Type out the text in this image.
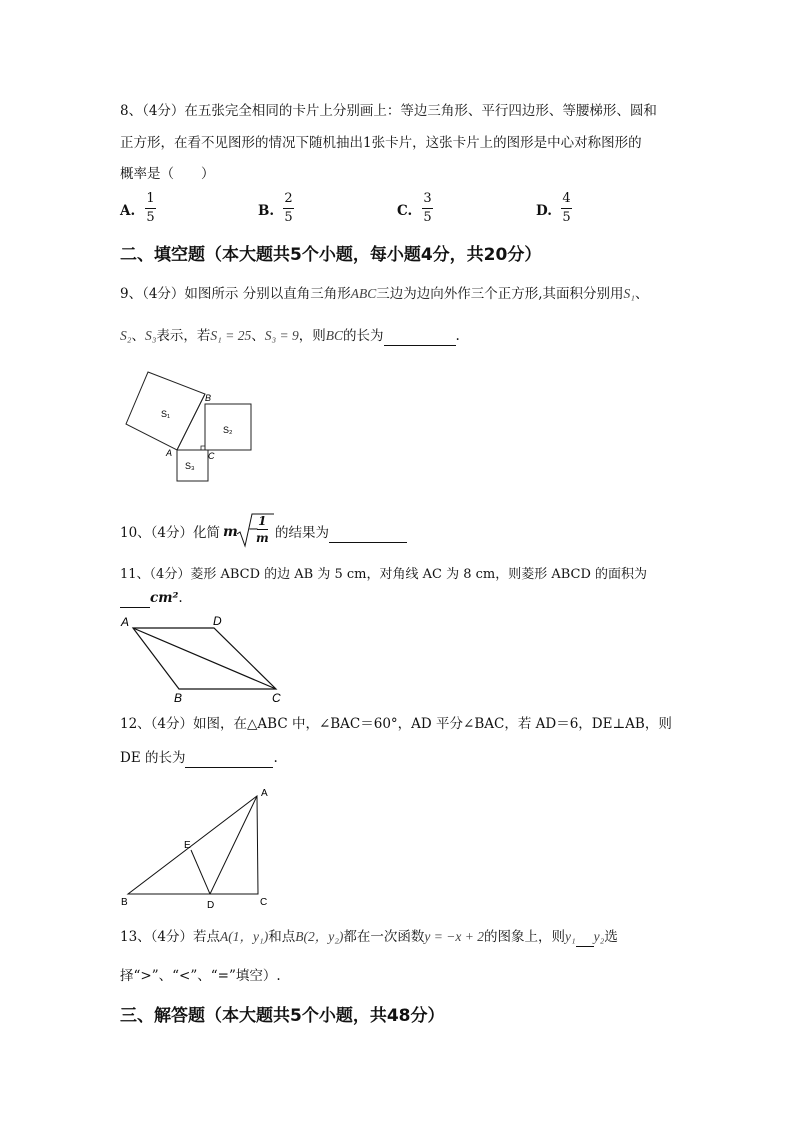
8、（4分）在五张完全相同的卡片上分别画上：等边三角形、平行四边形、等腰梯形、圆和
正方形，在看不见图形的情况下随机抽出1张卡片，这张卡片上的图形是中心对称图形的
概率是（　　）
A.
1
5	B.
2
5	C.
3
5	D.
4
5
二、填空题（本大题共5个小题，每小题4分，共20分）
9、（4分）如图所示 分别以直角三角形ABC三边为边向外作三个正方形,其面积分别用S₁、
S₂、S₃表示，若S₁ = 25、S₃ = 9，则BC的长为	.
S₁
S₂
S₃
A
B
C
10、（4分）化简 m −
1
m 的结果为
11、（4分）菱形 ABCD 的边 AB 为 5 cm，对角线 AC 为 8 cm，则菱形 ABCD 的面积为
cm².
A	D
B	C
12、（4分）如图，在△ABC 中，∠BAC＝60°，AD 平分∠BAC，若 AD＝6，DE⊥AB，则
DE 的长为	.
A
B	C
D
E
13、（4分）若点A(1，y₁)和点B(2，y₂)都在一次函数y = −x + 2的图象上，则y₁ y₂选
择“>”、“<”、“=”填空）.
三、解答题（本大题共5个小题，共48分）
